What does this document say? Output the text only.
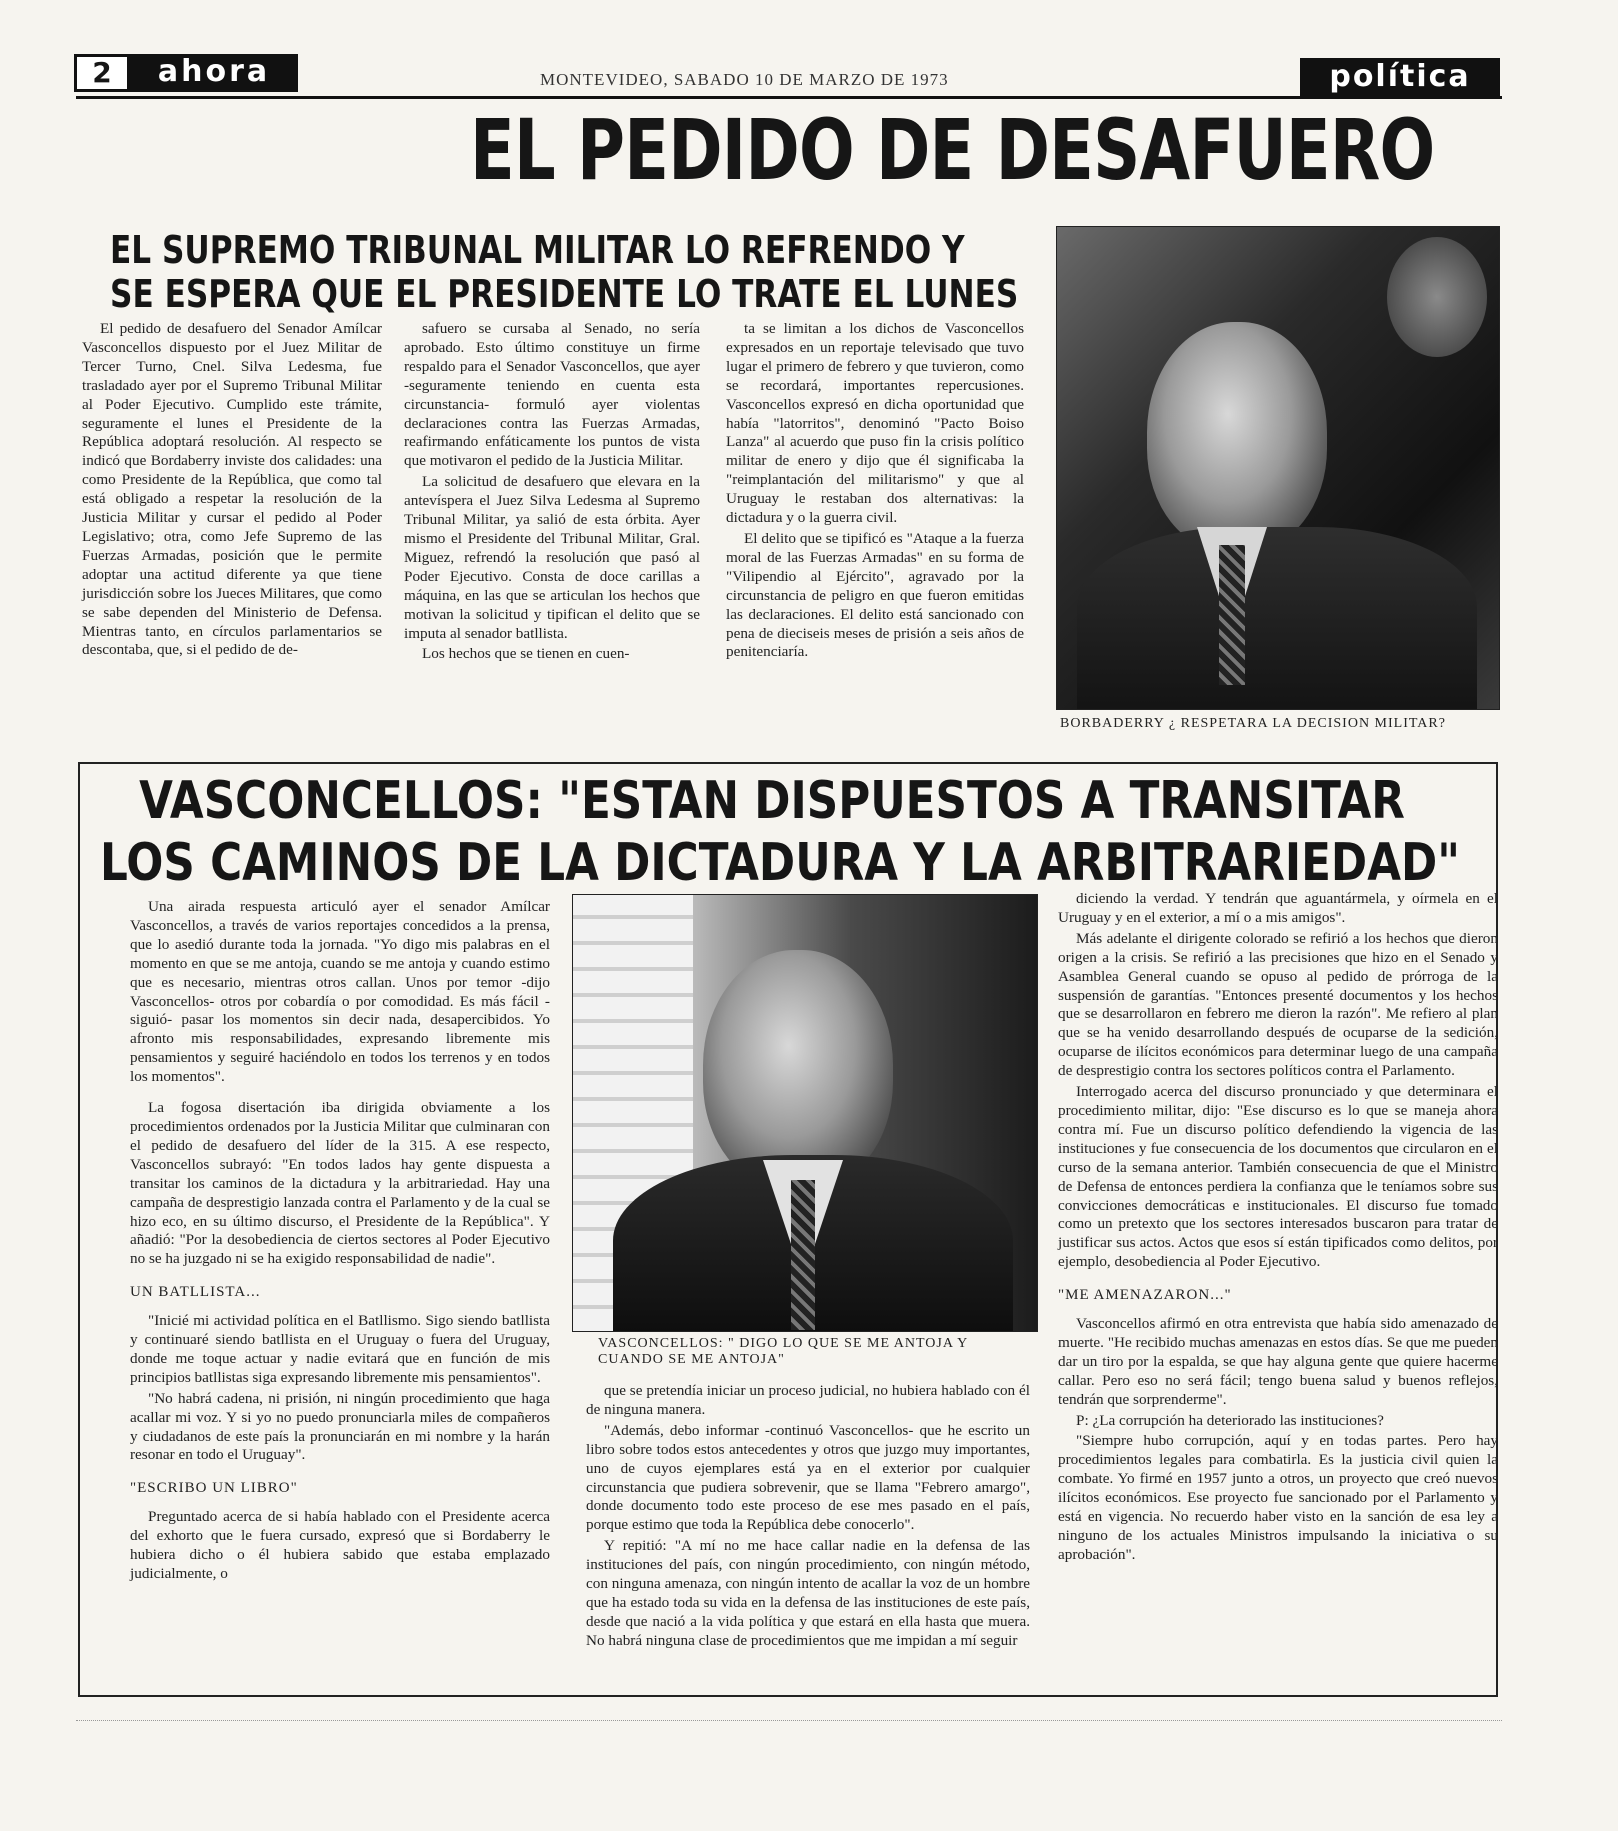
2	ahora	MONTEVIDEO, SABADO 10 DE MARZO DE 1973	política
EL PEDIDO DE DESAFUERO
EL SUPREMO TRIBUNAL MILITAR LO REFRENDO Y
SE ESPERA QUE EL PRESIDENTE LO TRATE EL LUNES

El pedido de desafuero del Senador Amílcar Vasconcellos dispuesto por el Juez Militar de Tercer Turno, Cnel. Silva Ledesma, fue trasladado ayer por el Supremo Tribunal Militar al Poder Ejecutivo. Cumplido este trámite, seguramente el lunes el Presidente de la República adoptará resolución. Al respecto se indicó que Bordaberry inviste dos calidades: una como Presidente de la República, que como tal está obligado a respetar la resolución de la Justicia Militar y cursar el pedido al Poder Legislativo; otra, como Jefe Supremo de las Fuerzas Armadas, posición que le permite adoptar una actitud diferente ya que tiene jurisdicción sobre los Jueces Militares, que como se sabe dependen del Ministerio de Defensa. Mientras tanto, en círculos parlamentarios se descontaba, que, si el pedido de de-

safuero se cursaba al Senado, no sería aprobado. Esto último constituye un firme respaldo para el Senador Vasconcellos, que ayer -seguramente teniendo en cuenta esta circunstancia- formuló ayer violentas declaraciones contra las Fuerzas Armadas, reafirmando enfáticamente los puntos de vista que motivaron el pedido de la Justicia Militar.

La solicitud de desafuero que elevara en la antevíspera el Juez Silva Ledesma al Supremo Tribunal Militar, ya salió de esta órbita. Ayer mismo el Presidente del Tribunal Militar, Gral. Miguez, refrendó la resolución que pasó al Poder Ejecutivo. Consta de doce carillas a máquina, en las que se articulan los hechos que motivan la solicitud y tipifican el delito que se imputa al senador batllista.

Los hechos que se tienen en cuen-

ta se limitan a los dichos de Vasconcellos expresados en un reportaje televisado que tuvo lugar el primero de febrero y que tuvieron, como se recordará, importantes repercusiones. Vasconcellos expresó en dicha oportunidad que había "latorritos", denominó "Pacto Boiso Lanza" al acuerdo que puso fin la crisis político militar de enero y dijo que él significaba la "reimplantación del militarismo" y que al Uruguay le restaban dos alternativas: la dictadura y o la guerra civil.

El delito que se tipificó es "Ataque a la fuerza moral de las Fuerzas Armadas" en su forma de "Vilipendio al Ejército", agravado por la circunstancia de peligro en que fueron emitidas las declaraciones. El delito está sancionado con pena de dieciseis meses de prisión a seis años de penitenciaría.

BORBADERRY ¿ RESPETARA LA DECISION MILITAR?
VASCONCELLOS: "ESTAN DISPUESTOS A TRANSITAR
LOS CAMINOS DE LA DICTADURA Y LA ARBITRARIEDAD"

Una airada respuesta articuló ayer el senador Amílcar Vasconcellos, a través de varios reportajes concedidos a la prensa, que lo asedió durante toda la jornada. "Yo digo mis palabras en el momento en que se me antoja, cuando se me antoja y cuando estimo que es necesario, mientras otros callan. Unos por temor -dijo Vasconcellos- otros por cobardía o por comodidad. Es más fácil -siguió- pasar los momentos sin decir nada, desapercibidos. Yo afronto mis responsabilidades, expresando libremente mis pensamientos y seguiré haciéndolo en todos los terrenos y en todos los momentos".

La fogosa disertación iba dirigida obviamente a los procedimientos ordenados por la Justicia Militar que culminaran con el pedido de desafuero del líder de la 315. A ese respecto, Vasconcellos subrayó: "En todos lados hay gente dispuesta a transitar los caminos de la dictadura y la arbitrariedad. Hay una campaña de desprestigio lanzada contra el Parlamento y de la cual se hizo eco, en su último discurso, el Presidente de la República". Y añadió: "Por la desobediencia de ciertos sectores al Poder Ejecutivo no se ha juzgado ni se ha exigido responsabilidad de nadie".

UN BATLLISTA...

"Inicié mi actividad política en el Batllismo. Sigo siendo batllista y continuaré siendo batllista en el Uruguay o fuera del Uruguay, donde me toque actuar y nadie evitará que en función de mis principios batllistas siga expresando libremente mis pensamientos".

"No habrá cadena, ni prisión, ni ningún procedimiento que haga acallar mi voz. Y si yo no puedo pronunciarla miles de compañeros y ciudadanos de este país la pronunciarán en mi nombre y la harán resonar en todo el Uruguay".

"ESCRIBO UN LIBRO"

Preguntado acerca de si había hablado con el Presidente acerca del exhorto que le fuera cursado, expresó que si Bordaberry le hubiera dicho o él hubiera sabido que estaba emplazado judicialmente, o

VASCONCELLOS: " DIGO LO QUE SE ME ANTOJA Y CUANDO SE ME ANTOJA"

que se pretendía iniciar un proceso judicial, no hubiera hablado con él de ninguna manera.

"Además, debo informar -continuó Vasconcellos- que he escrito un libro sobre todos estos antecedentes y otros que juzgo muy importantes, uno de cuyos ejemplares está ya en el exterior por cualquier circunstancia que pudiera sobrevenir, que se llama "Febrero amargo", donde documento todo este proceso de ese mes pasado en el país, porque estimo que toda la República debe conocerlo".

Y repitió: "A mí no me hace callar nadie en la defensa de las instituciones del país, con ningún procedimiento, con ningún método, con ninguna amenaza, con ningún intento de acallar la voz de un hombre que ha estado toda su vida en la defensa de las instituciones de este país, desde que nació a la vida política y que estará en ella hasta que muera. No habrá ninguna clase de procedimientos que me impidan a mí seguir

diciendo la verdad. Y tendrán que aguantármela, y oírmela en el Uruguay y en el exterior, a mí o a mis amigos".

Más adelante el dirigente colorado se refirió a los hechos que dieron origen a la crisis. Se refirió a las precisiones que hizo en el Senado y Asamblea General cuando se opuso al pedido de prórroga de la suspensión de garantías. "Entonces presenté documentos y los hechos que se desarrollaron en febrero me dieron la razón". Me refiero al plan que se ha venido desarrollando después de ocuparse de la sedición, ocuparse de ilícitos económicos para determinar luego de una campaña de desprestigio contra los sectores políticos contra el Parlamento.

Interrogado acerca del discurso pronunciado y que determinara el procedimiento militar, dijo: "Ese discurso es lo que se maneja ahora contra mí. Fue un discurso político defendiendo la vigencia de las instituciones y fue consecuencia de los documentos que circularon en el curso de la semana anterior. También consecuencia de que el Ministro de Defensa de entonces perdiera la confianza que le teníamos sobre sus convicciones democráticas e institucionales. El discurso fue tomado como un pretexto que los sectores interesados buscaron para tratar de justificar sus actos. Actos que esos sí están tipificados como delitos, por ejemplo, desobediencia al Poder Ejecutivo.

"ME AMENAZARON..."

Vasconcellos afirmó en otra entrevista que había sido amenazado de muerte. "He recibido muchas amenazas en estos días. Se que me pueden dar un tiro por la espalda, se que hay alguna gente que quiere hacerme callar. Pero eso no será fácil; tengo buena salud y buenos reflejos, tendrán que sorprenderme".

P: ¿La corrupción ha deteriorado las instituciones?

"Siempre hubo corrupción, aquí y en todas partes. Pero hay procedimientos legales para combatirla. Es la justicia civil quien la combate. Yo firmé en 1957 junto a otros, un proyecto que creó nuevos ilícitos económicos. Ese proyecto fue sancionado por el Parlamento y está en vigencia. No recuerdo haber visto en la sanción de esa ley a ninguno de los actuales Ministros impulsando la iniciativa o su aprobación".
